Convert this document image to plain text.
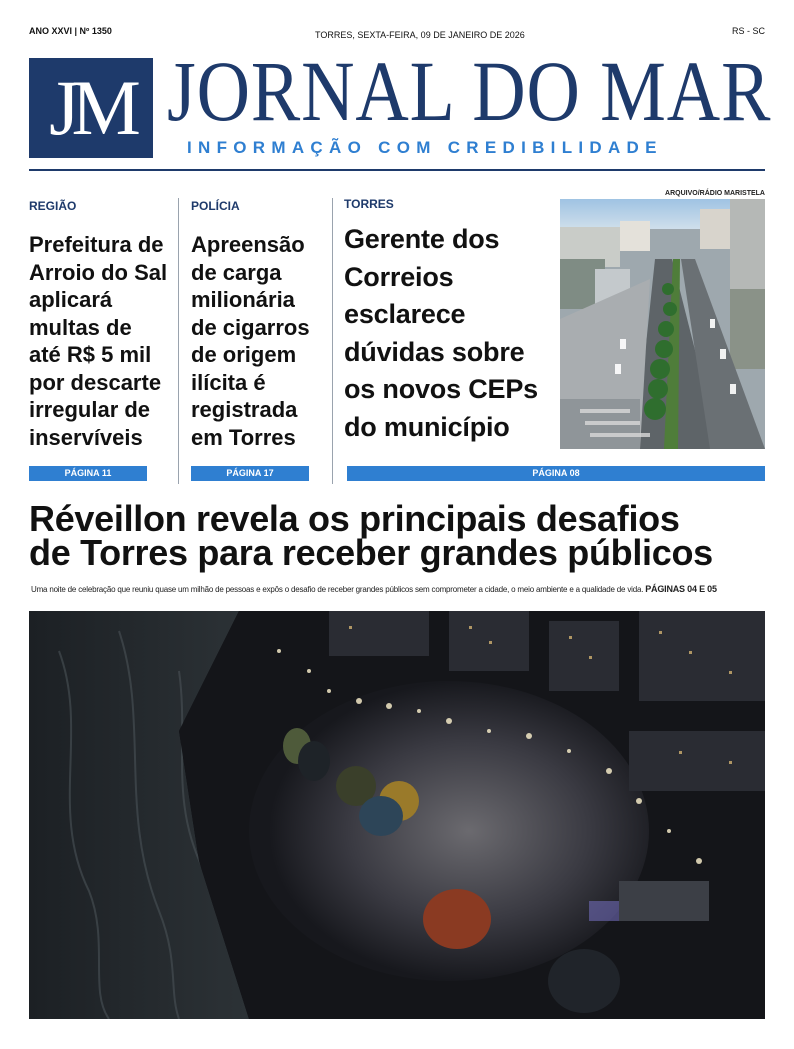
ANO XXVI | Nº 1350	TORRES, SEXTA-FEIRA, 09 DE JANEIRO DE 2026	RS - SC
JM JORNAL DO MAR
INFORMAÇÃO COM CREDIBILIDADE
REGIÃO
Prefeitura de Arroio do Sal aplicará multas de até R$ 5 mil por descarte irregular de inservíveis
PÁGINA 11
POLÍCIA
Apreensão de carga milionária de cigarros de origem ilícita é registrada em Torres
PÁGINA 17
TORRES
Gerente dos Correios esclarece dúvidas sobre os novos CEPs do município
ARQUIVO/RÁDIO MARISTELA
PÁGINA 08
Réveillon revela os principais desafios
de Torres para receber grandes públicos
Uma noite de celebração que reuniu quase um milhão de pessoas e expôs o desafio de receber grandes públicos sem comprometer a cidade, o meio ambiente e a qualidade de vida. PÁGINAS 04 E 05
